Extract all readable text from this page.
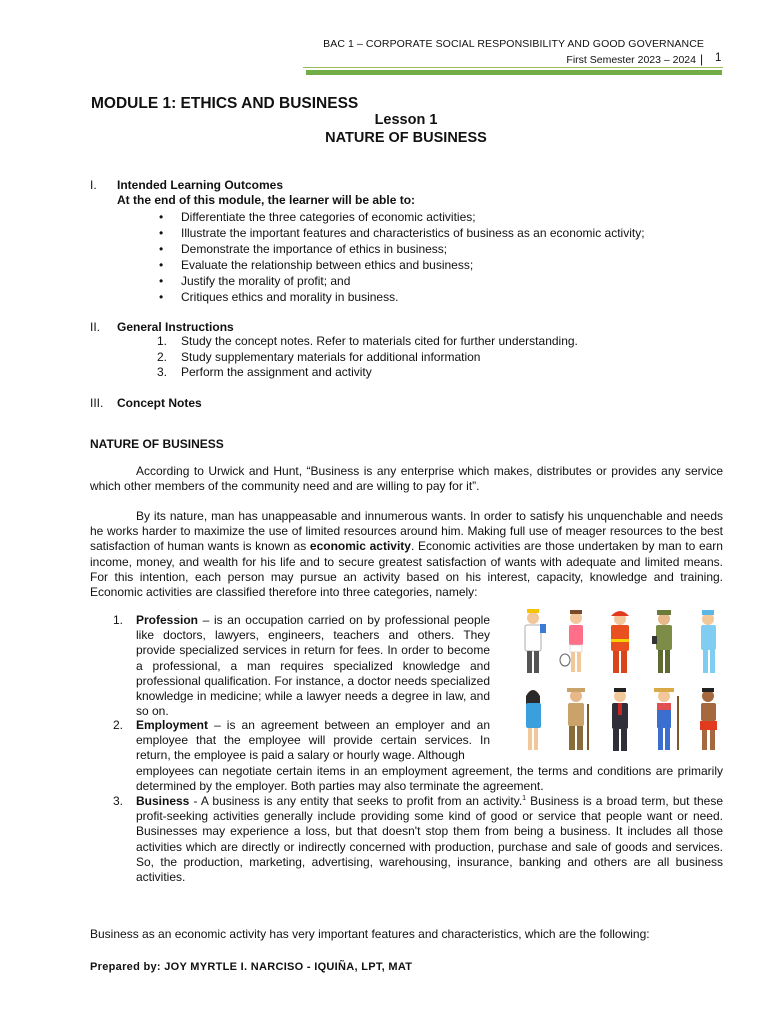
BAC 1 – CORPORATE SOCIAL RESPONSIBILITY AND GOOD GOVERNANCE
First Semester 2023 – 2024 | 1
MODULE 1: ETHICS AND BUSINESS
Lesson 1
NATURE OF BUSINESS
I. Intended Learning Outcomes
At the end of this module, the learner will be able to:
• Differentiate the three categories of economic activities;
• Illustrate the important features and characteristics of business as an economic activity;
• Demonstrate the importance of ethics in business;
• Evaluate the relationship between ethics and business;
• Justify the morality of profit; and
• Critiques ethics and morality in business.
II. General Instructions
1. Study the concept notes. Refer to materials cited for further understanding.
2. Study supplementary materials for additional information
3. Perform the assignment and activity
III. Concept Notes
NATURE OF BUSINESS
According to Urwick and Hunt, “Business is any enterprise which makes, distributes or provides any service which other members of the community need and are willing to pay for it”.
By its nature, man has unappeasable and innumerous wants. In order to satisfy his unquenchable and needs he works harder to maximize the use of limited resources around him. Making full use of meager resources to the best satisfaction of human wants is known as economic activity. Economic activities are those undertaken by man to earn income, money, and wealth for his life and to secure greatest satisfaction of wants with adequate and limited means. For this intention, each person may pursue an activity based on his interest, capacity, knowledge and training. Economic activities are classified therefore into three categories, namely:
1. Profession – is an occupation carried on by professional people like doctors, lawyers, engineers, teachers and others. They provide specialized services in return for fees. In order to become a professional, a man requires specialized knowledge and professional qualification. For instance, a doctor needs specialized knowledge in medicine; while a lawyer needs a degree in law, and so on.
2. Employment – is an agreement between an employer and an employee that the employee will provide certain services. In return, the employee is paid a salary or hourly wage. Although
employees can negotiate certain items in an employment agreement, the terms and conditions are primarily determined by the employer. Both parties may also terminate the agreement.
3. Business - A business is any entity that seeks to profit from an activity.$^1$ Business is a broad term, but these profit-seeking activities generally include providing some kind of good or service that people want or need. Businesses may experience a loss, but that doesn't stop them from being a business. It includes all those activities which are directly or indirectly concerned with production, purchase and sale of goods and services. So, the production, marketing, advertising, warehousing, insurance, banking and others are all business activities.
Business as an economic activity has very important features and characteristics, which are the following:
Prepared by: JOY MYRTLE I. NARCISO - IQUIÑA, LPT, MAT
